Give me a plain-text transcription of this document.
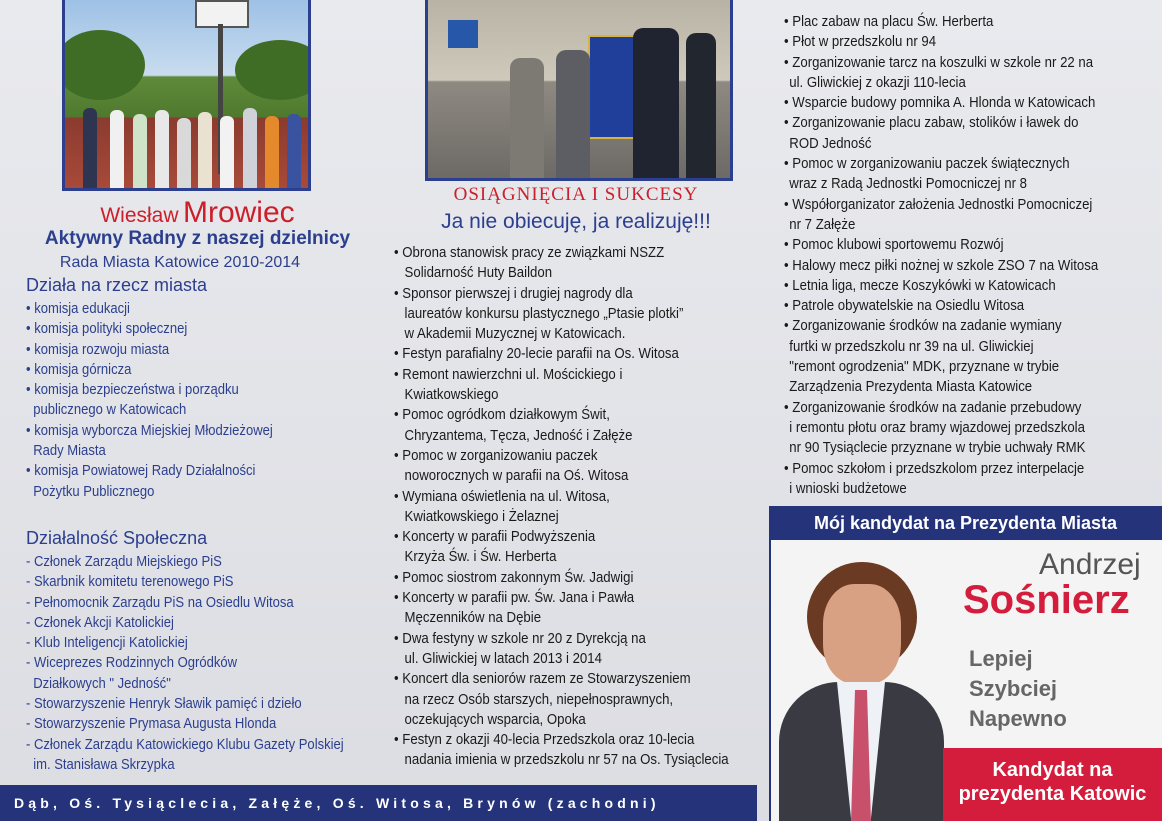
Wiesław Mrowiec
Aktywny Radny z naszej dzielnicy
Rada Miasta Katowice 2010-2014
Działa na rzecz miasta
• komisja edukacji
• komisja polityki społecznej
• komisja rozwoju miasta
• komisja górnicza
• komisja bezpieczeństwa i porządku
publicznego w Katowicach
• komisja wyborcza Miejskiej Młodzieżowej
Rady Miasta
• komisja Powiatowej Rady Działalności
Pożytku Publicznego
Działalność Społeczna
- Członek Zarządu Miejskiego PiS
- Skarbnik komitetu terenowego PiS
- Pełnomocnik Zarządu PiS na Osiedlu Witosa
- Członek Akcji Katolickiej
- Klub Inteligencji Katolickiej
- Wiceprezes Rodzinnych Ogródków
Działkowych " Jedność"
- Stowarzyszenie Henryk Sławik pamięć i dzieło
- Stowarzyszenie Prymasa Augusta Hlonda
- Członek Zarządu Katowickiego Klubu Gazety Polskiej
im. Stanisława Skrzypka
OSIĄGNIĘCIA I SUKCESY
Ja nie obiecuję, ja realizuję!!!
• Obrona stanowisk pracy ze związkami NSZZ
Solidarność Huty Baildon
• Sponsor pierwszej i drugiej nagrody dla
laureatów konkursu plastycznego „Ptasie plotki”
w Akademii Muzycznej w Katowicach.
• Festyn parafialny 20-lecie parafii na Os. Witosa
• Remont nawierzchni ul. Mościckiego i
Kwiatkowskiego
• Pomoc ogródkom działkowym Świt,
Chryzantema, Tęcza, Jedność i Załęże
• Pomoc w zorganizowaniu paczek
noworocznych w parafii na Oś. Witosa
• Wymiana oświetlenia na ul. Witosa,
Kwiatkowskiego i Żelaznej
• Koncerty w parafii Podwyższenia
Krzyża Św. i Św. Herberta
• Pomoc siostrom zakonnym Św. Jadwigi
• Koncerty w parafii pw. Św. Jana i Pawła
Męczenników na Dębie
• Dwa festyny w szkole nr 20 z Dyrekcją na
ul. Gliwickiej w latach 2013 i 2014
• Koncert dla seniorów razem ze Stowarzyszeniem
na rzecz Osób starszych, niepełnosprawnych,
oczekujących wsparcia, Opoka
• Festyn z okazji 40-lecia Przedszkola oraz 10-lecia
nadania imienia w przedszkolu nr 57 na Os. Tysiąclecia
• Plac zabaw na placu Św. Herberta
• Płot w przedszkolu nr 94
• Zorganizowanie tarcz na koszulki w szkole nr 22 na
ul. Gliwickiej z okazji 110-lecia
• Wsparcie budowy pomnika A. Hlonda w Katowicach
• Zorganizowanie placu zabaw, stolików i ławek do
ROD Jedność
• Pomoc w zorganizowaniu paczek świątecznych
wraz z Radą Jednostki Pomocniczej nr 8
• Współorganizator założenia Jednostki Pomocniczej
nr 7 Załęże
• Pomoc klubowi sportowemu Rozwój
• Halowy mecz piłki nożnej w szkole ZSO 7 na Witosa
• Letnia liga, mecze Koszykówki w Katowicach
• Patrole obywatelskie na Osiedlu Witosa
• Zorganizowanie środków na zadanie wymiany
furtki w przedszkolu nr 39 na ul. Gliwickiej
"remont ogrodzenia" MDK, przyznane w trybie
Zarządzenia Prezydenta Miasta Katowice
• Zorganizowanie środków na zadanie przebudowy
i remontu płotu oraz bramy wjazdowej przedszkola
nr 90 Tysiąclecie przyznane w trybie uchwały RMK
• Pomoc szkołom i przedszkolom przez interpelacje
i wnioski budżetowe
Mój kandydat na Prezydenta Miasta
Andrzej
Sośnierz
Lepiej
Szybciej
Napewno
Kandydat na
prezydenta Katowic
Dąb, Oś. Tysiąclecia, Załęże, Oś. Witosa, Brynów (zachodni)
